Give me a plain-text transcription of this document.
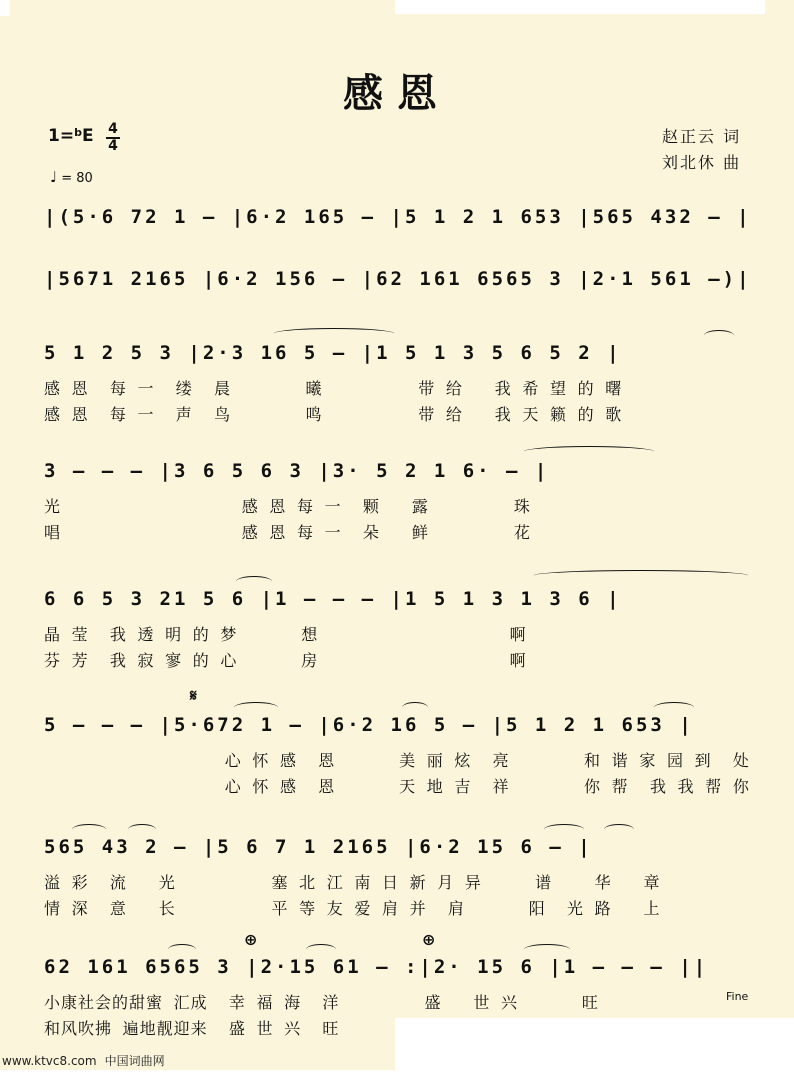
感恩
1=$^b$E 4
4
♩ = 80
赵正云 词
刘北休 曲
|(5·6 72 1 – |6·2 165 – |5 1 2 1 653 |565 432 – |
|5671 2165 |6·2 156 – |62 161 6565 3 |2·1 561 –)|
5 1 2 5 3 |2·3 16 5 – |1 5 1 3 5 6 5 2 |
感 恩  每 一  缕  晨       曦         带 给   我 希 望 的 曙
感 恩  每 一  声  鸟       鸣         带 给   我 天 籁 的 歌
3 – – – |3 6 5 6 3 |3· 5 2 1 6· – |
光                 感 恩 每 一  颗   露        珠
唱                 感 恩 每 一  朵   鲜        花
6 6 5 3 21 5 6 |1 – – – |1 5 1 3 1 3 6 |
晶 莹  我 透 明 的 梦      想                  啊
芬 芳  我 寂 寥 的 心      房                  啊
𝄋
5 – – – |5·672 1 – |6·2 16 5 – |5 1 2 1 653 |
心 怀 感  恩      美 丽 炫  亮       和 谐 家 园 到  处
心 怀 感  恩      天 地 吉  祥       你 帮  我 我 帮 你
565 43 2 – |5 6 7 1 2165 |6·2 15 6 – |
溢 彩  流   光         塞 北 江 南 日 新 月 异     谱    华   章
情 深  意   长         平 等 友 爱 肩 并  肩      阳  光 路   上
⊕	⊕
62 161 6565 3 |2·15 61 – :|2· 15 6 |1 – – – ||
小康社会的甜蜜 汇成  幸 福 海  洋        盛   世 兴      旺
和风吹拂 遍地靓迎来  盛 世 兴  旺
Fine
www.ktvc8.com 中国词曲网
